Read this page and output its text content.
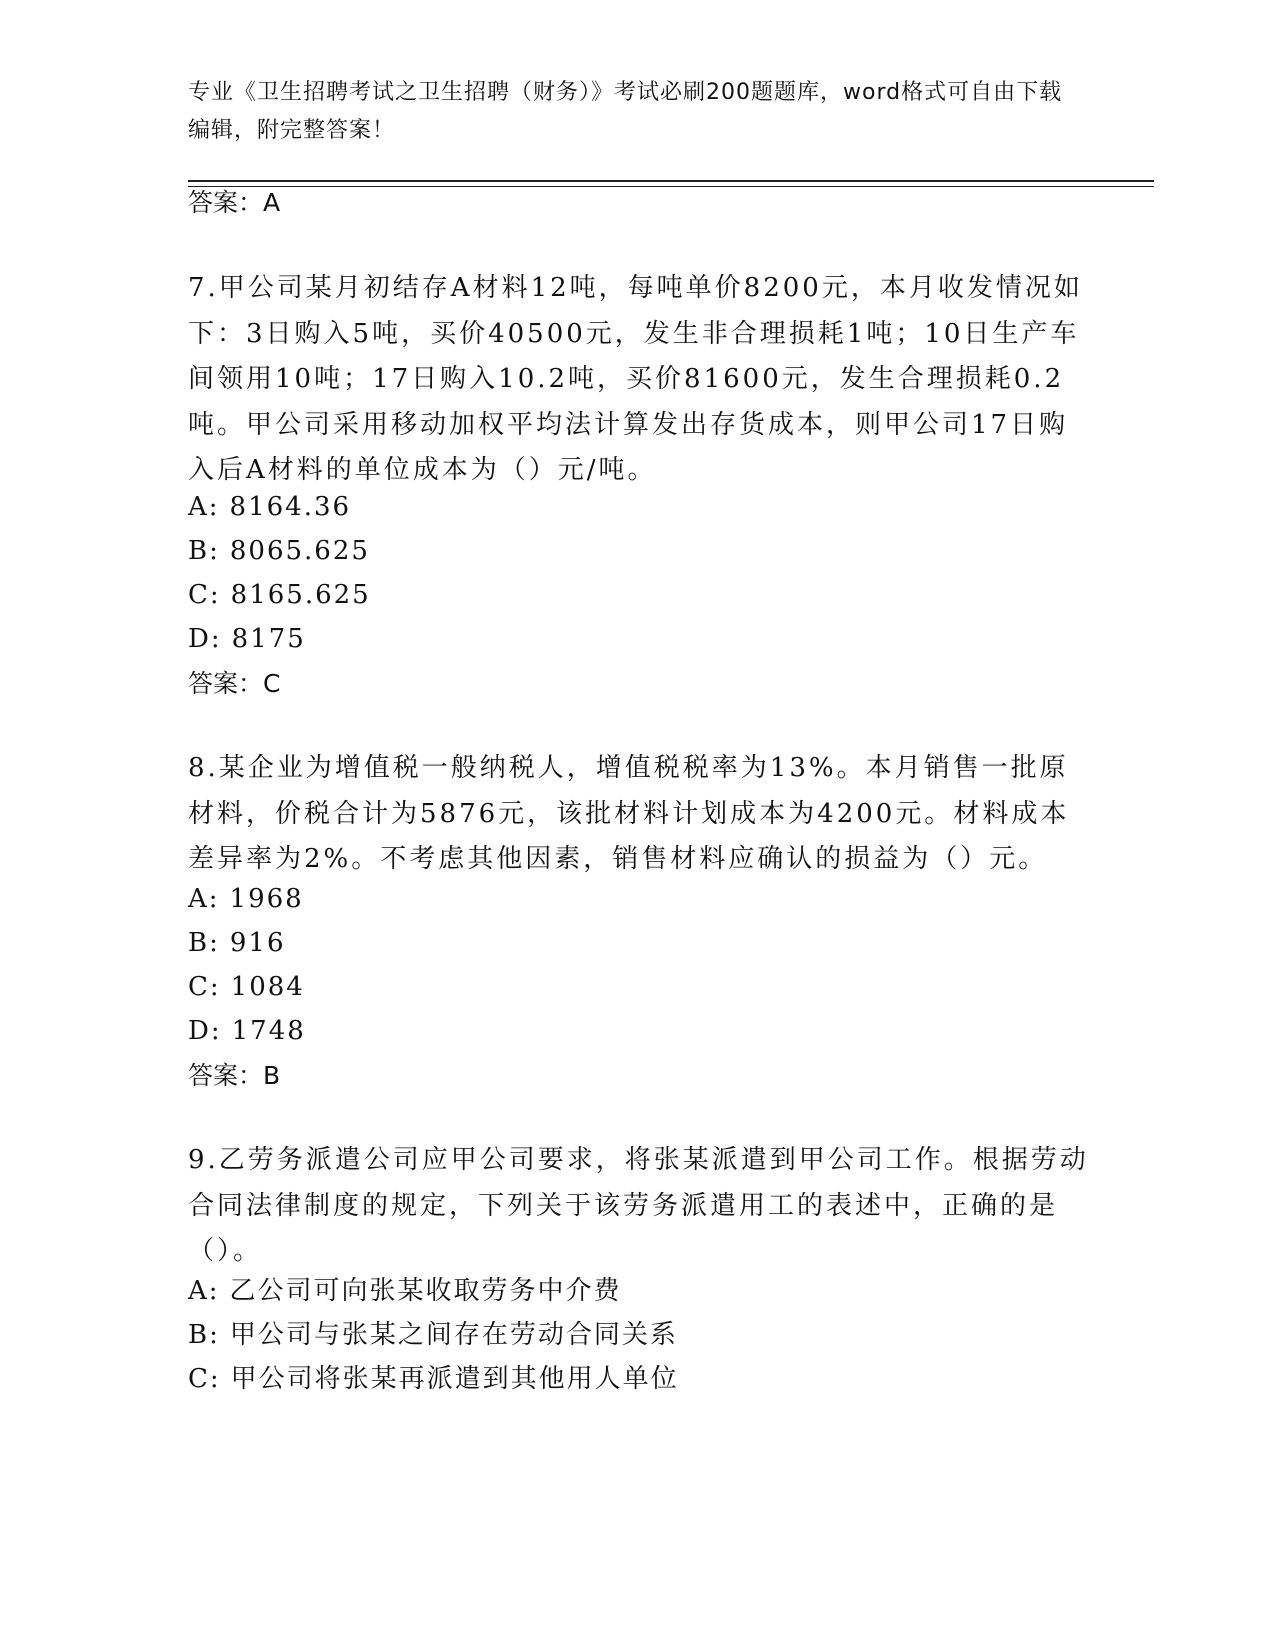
专业《卫生招聘考试之卫生招聘（财务）》考试必刷200题题库，word格式可自由下载编辑，附完整答案！
答案：A
7.甲公司某月初结存A材料12吨，每吨单价8200元，本月收发情况如下：3日购入5吨，买价40500元，发生非合理损耗1吨；10日生产车间领用10吨；17日购入10.2吨，买价81600元，发生合理损耗0.2吨。甲公司采用移动加权平均法计算发出存货成本，则甲公司17日购入后A材料的单位成本为（）元/吨。
A: 8164.36
B: 8065.625
C: 8165.625
D: 8175
答案：C
8.某企业为增值税一般纳税人，增值税税率为13%。本月销售一批原材料，价税合计为5876元，该批材料计划成本为4200元。材料成本差异率为2%。不考虑其他因素，销售材料应确认的损益为（）元。
A: 1968
B: 916
C: 1084
D: 1748
答案：B
9.乙劳务派遣公司应甲公司要求，将张某派遣到甲公司工作。根据劳动合同法律制度的规定，下列关于该劳务派遣用工的表述中，正确的是（）。
A: 乙公司可向张某收取劳务中介费
B: 甲公司与张某之间存在劳动合同关系
C: 甲公司将张某再派遣到其他用人单位
